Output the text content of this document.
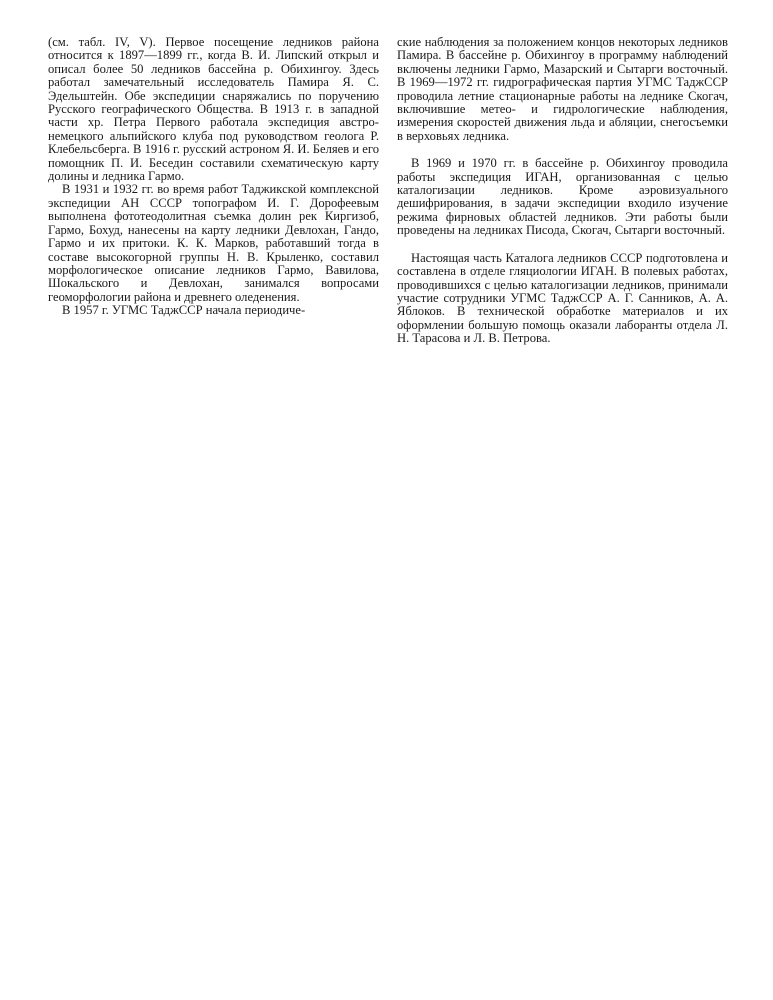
(см. табл. IV, V). Первое посещение ледников района относится к 1897—1899 гг., когда В. И. Липский открыл и описал более 50 ледников бассейна р. Обихингоу. Здесь работал замечательный исследователь Памира Я. С. Эдельштейн. Обе экспедиции снаряжались по поручению Русского географического Общества. В 1913 г. в западной части хр. Петра Первого работала экспедиция австро-немецкого альпийского клуба под руководством геолога Р. Клебельсберга. В 1916 г. русский астроном Я. И. Беляев и его помощник П. И. Беседин составили схематическую карту долины и ледника Гармо.

В 1931 и 1932 гг. во время работ Таджикской комплексной экспедиции АН СССР топографом И. Г. Дорофеевым выполнена фототеодолитная съемка долин рек Киргизоб, Гармо, Бохуд, нанесены на карту ледники Девлохан, Гандо, Гармо и их притоки. К. К. Марков, работавший тогда в составе высокогорной группы Н. В. Крыленко, составил морфологическое описание ледников Гармо, Вавилова, Шокальского и Девлохан, занимался вопросами геоморфологии района и древнего оледенения.

В 1957 г. УГМС ТаджССР начала периодиче-

ские наблюдения за положением концов некоторых ледников Памира. В бассейне р. Обихингоу в программу наблюдений включены ледники Гармо, Мазарский и Сытарги восточный. В 1969—1972 гг. гидрографическая партия УГМС ТаджССР проводила летние стационарные работы на леднике Скогач, включившие метео- и гидрологические наблюдения, измерения скоростей движения льда и абляции, снегосъемки в верховьях ледника.

В 1969 и 1970 гг. в бассейне р. Обихингоу проводила работы экспедиция ИГАН, организованная с целью каталогизации ледников. Кроме аэровизуального дешифрирования, в задачи экспедиции входило изучение режима фирновых областей ледников. Эти работы были проведены на ледниках Писода, Скогач, Сытарги восточный.

Настоящая часть Каталога ледников СССР подготовлена и составлена в отделе гляциологии ИГАН. В полевых работах, проводившихся с целью каталогизации ледников, принимали участие сотрудники УГМС ТаджССР А. Г. Санников, А. А. Яблоков. В технической обработке материалов и их оформлении большую помощь оказали лаборанты отдела Л. Н. Тарасова и Л. В. Петрова.
